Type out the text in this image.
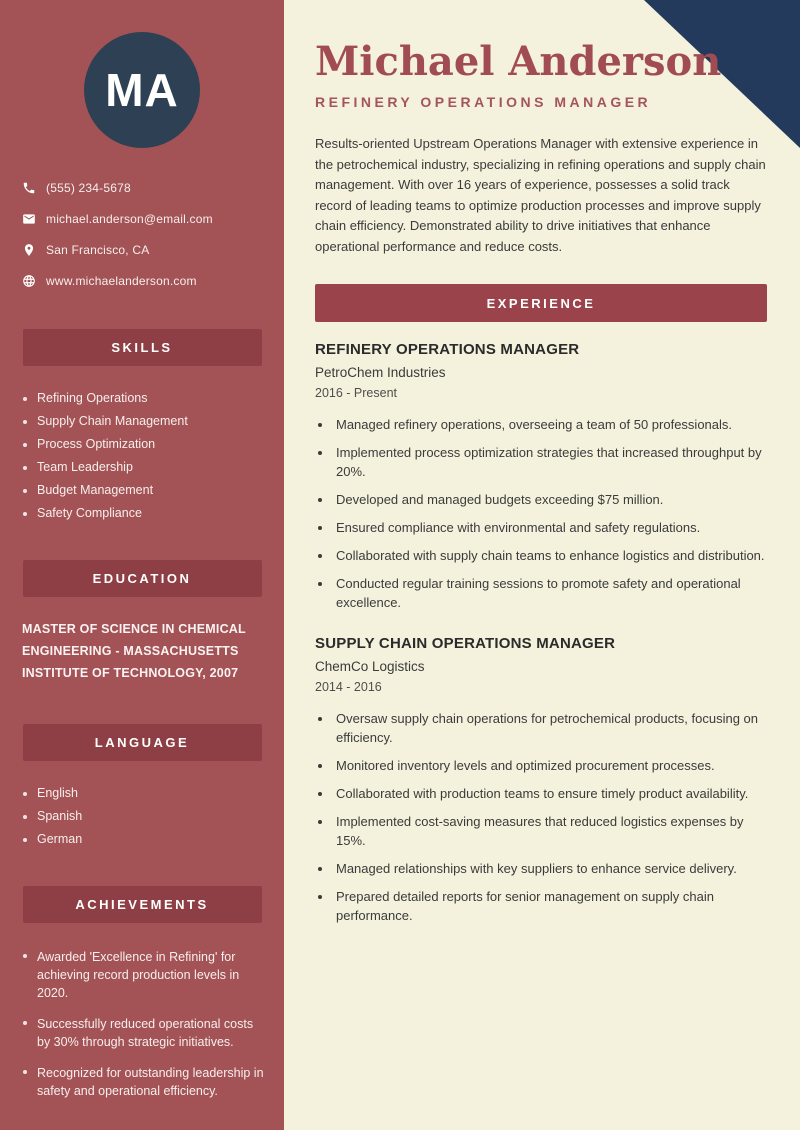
MA
(555) 234-5678
michael.anderson@email.com
San Francisco, CA
www.michaelanderson.com
SKILLS
Refining Operations
Supply Chain Management
Process Optimization
Team Leadership
Budget Management
Safety Compliance
EDUCATION
MASTER OF SCIENCE IN CHEMICAL ENGINEERING - MASSACHUSETTS INSTITUTE OF TECHNOLOGY, 2007
LANGUAGE
English
Spanish
German
ACHIEVEMENTS
Awarded 'Excellence in Refining' for achieving record production levels in 2020.
Successfully reduced operational costs by 30% through strategic initiatives.
Recognized for outstanding leadership in safety and operational efficiency.
Michael Anderson
REFINERY OPERATIONS MANAGER

Results-oriented Upstream Operations Manager with extensive experience in the petrochemical industry, specializing in refining operations and supply chain management. With over 16 years of experience, possesses a solid track record of leading teams to optimize production processes and improve supply chain efficiency. Demonstrated ability to drive initiatives that enhance operational performance and reduce costs.

EXPERIENCE
REFINERY OPERATIONS MANAGER
PetroChem Industries
2016 - Present
• Managed refinery operations, overseeing a team of 50 professionals.
• Implemented process optimization strategies that increased throughput by 20%.
• Developed and managed budgets exceeding $75 million.
• Ensured compliance with environmental and safety regulations.
• Collaborated with supply chain teams to enhance logistics and distribution.
• Conducted regular training sessions to promote safety and operational excellence.
SUPPLY CHAIN OPERATIONS MANAGER
ChemCo Logistics
2014 - 2016
• Oversaw supply chain operations for petrochemical products, focusing on efficiency.
• Monitored inventory levels and optimized procurement processes.
• Collaborated with production teams to ensure timely product availability.
• Implemented cost-saving measures that reduced logistics expenses by 15%.
• Managed relationships with key suppliers to enhance service delivery.
• Prepared detailed reports for senior management on supply chain performance.
